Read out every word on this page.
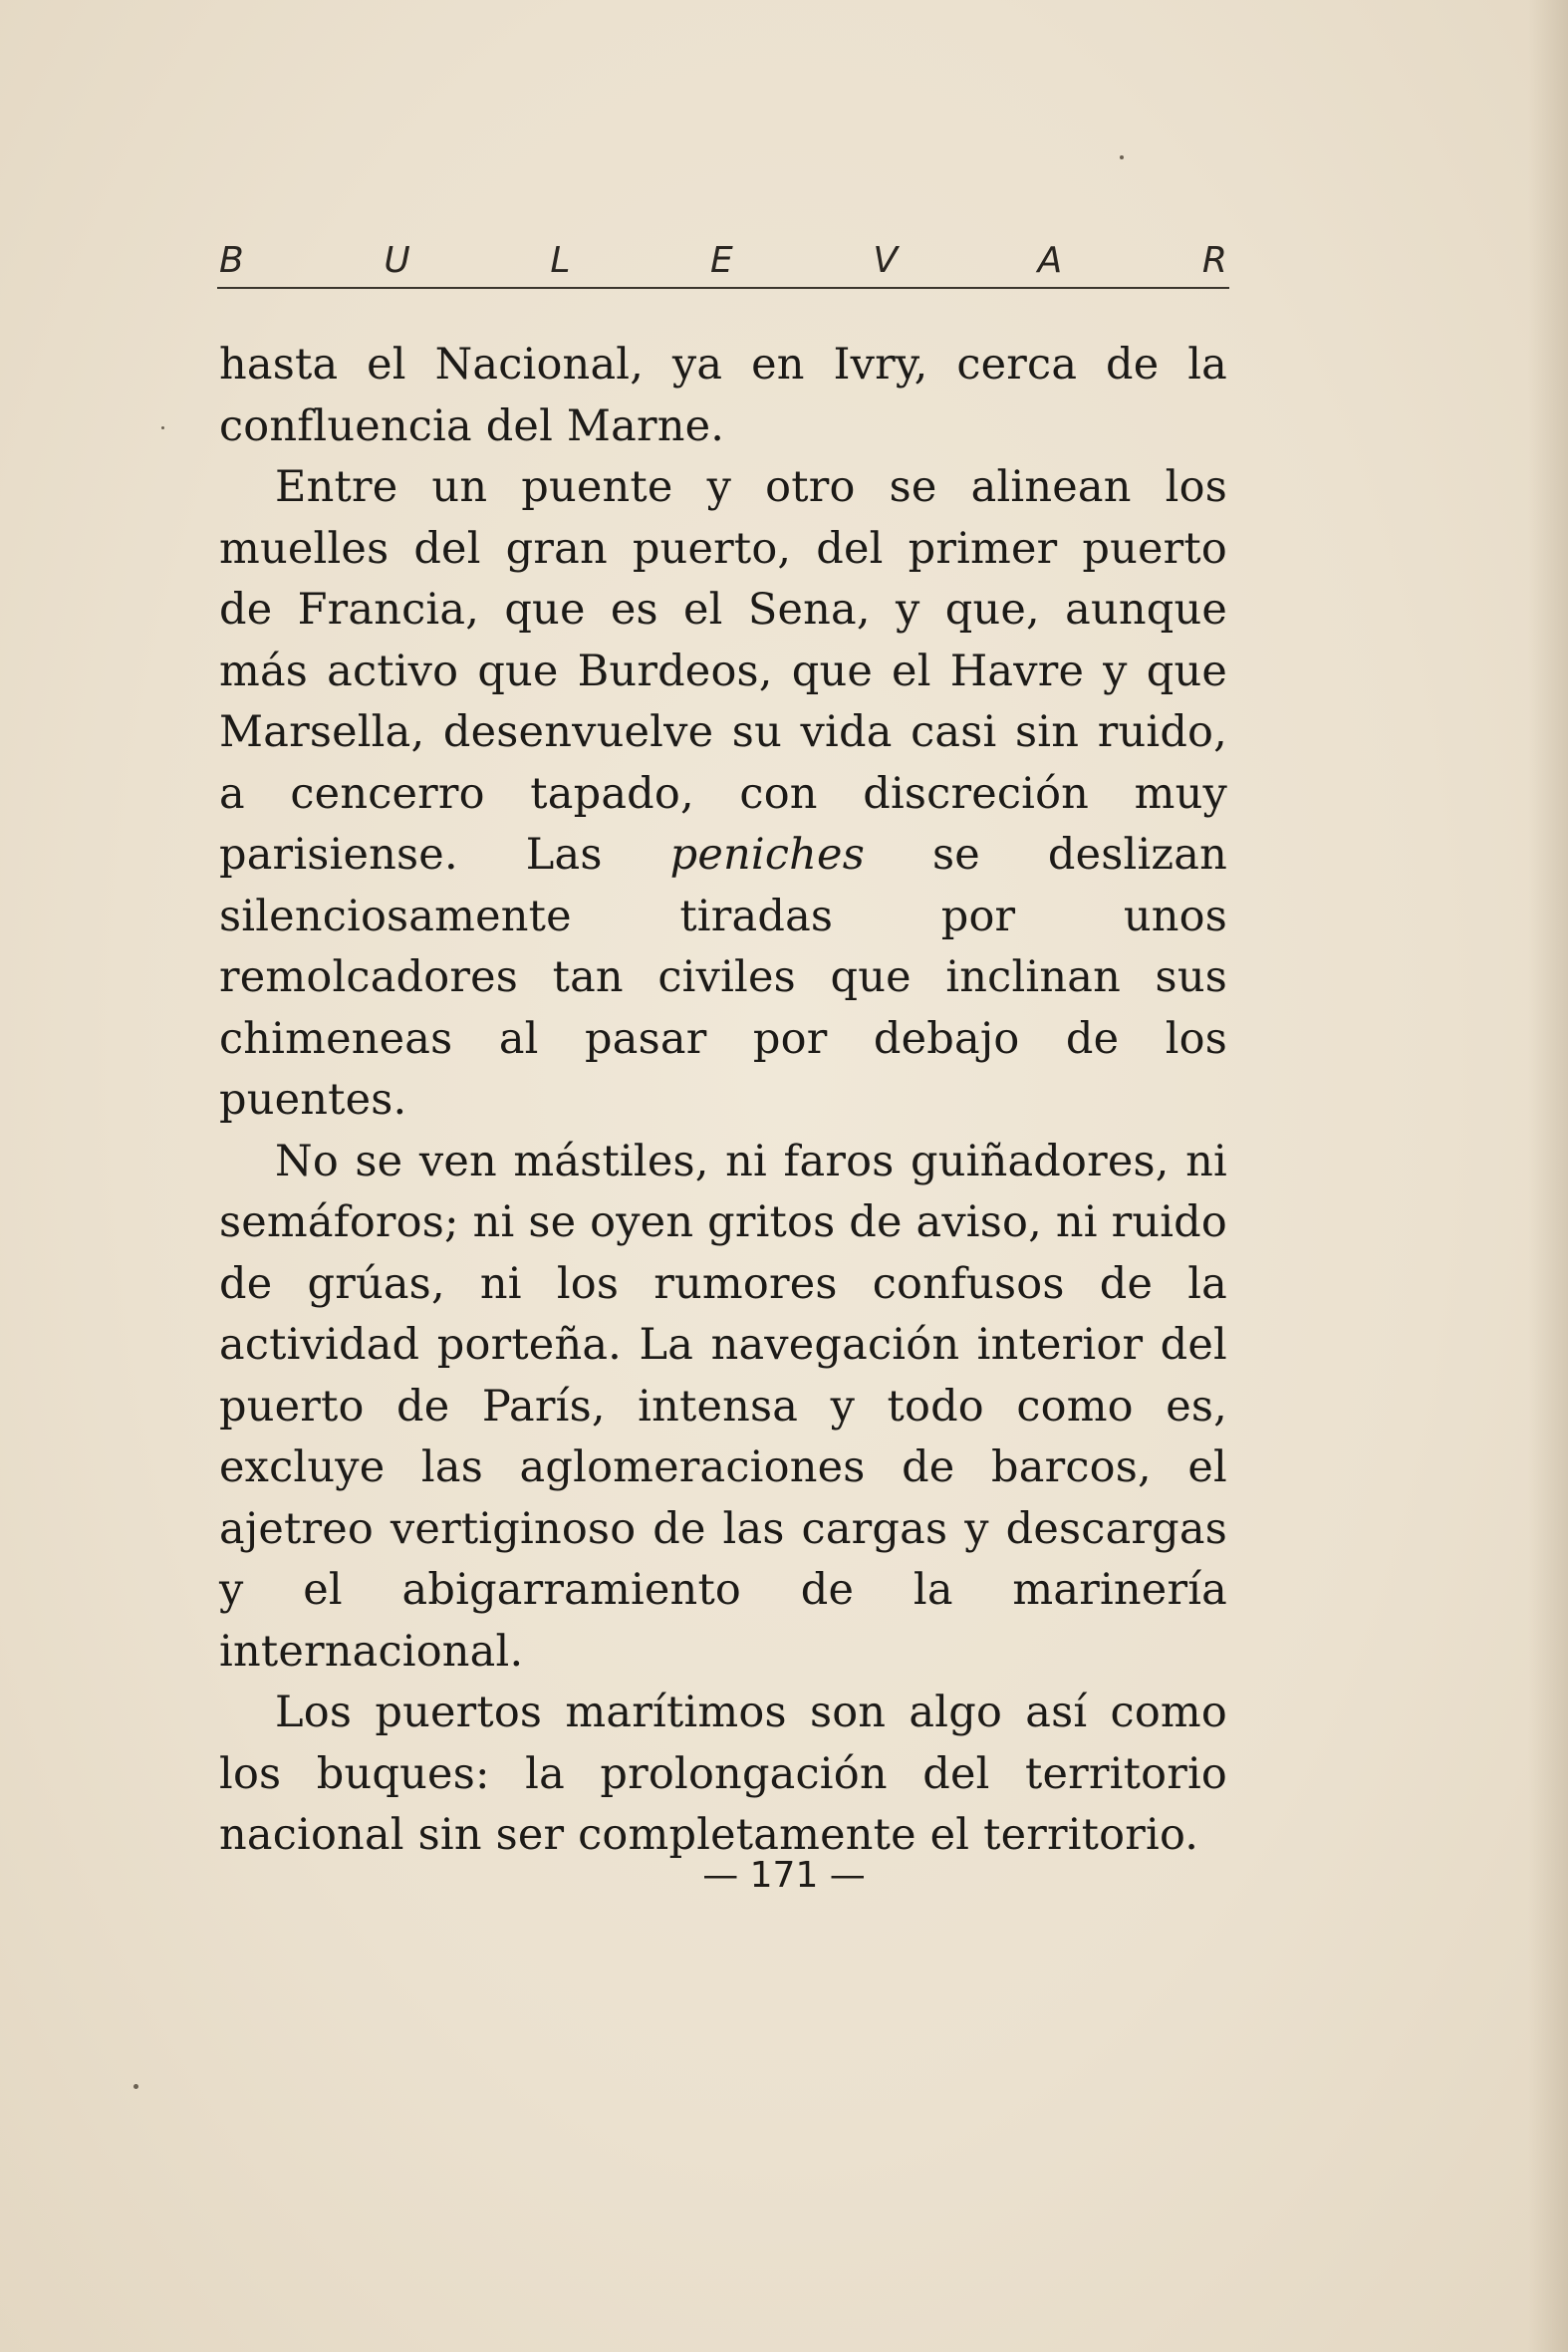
B	U	L	E	V	A	R

hasta el Nacional, ya en Ivry, cerca de la confluencia del Marne.

Entre un puente y otro se alinean los muelles del gran puerto, del primer puerto de Francia, que es el Sena, y que, aunque más activo que Burdeos, que el Havre y que Marsella, desenvuelve su vida casi sin ruido, a cencerro tapado, con discreción muy parisiense. Las peniches se deslizan silenciosamente tiradas por unos remolcadores tan civiles que inclinan sus chimeneas al pasar por debajo de los puentes.

No se ven mástiles, ni faros guiñadores, ni semáforos; ni se oyen gritos de aviso, ni ruido de grúas, ni los rumores confusos de la actividad porteña. La navegación interior del puerto de París, intensa y todo como es, excluye las aglomeraciones de barcos, el ajetreo vertiginoso de las cargas y descargas y el abigarramiento de la marinería internacional.

Los puertos marítimos son algo así como los buques: la prolongación del territorio nacional sin ser completamente el territorio.

— 171 —
